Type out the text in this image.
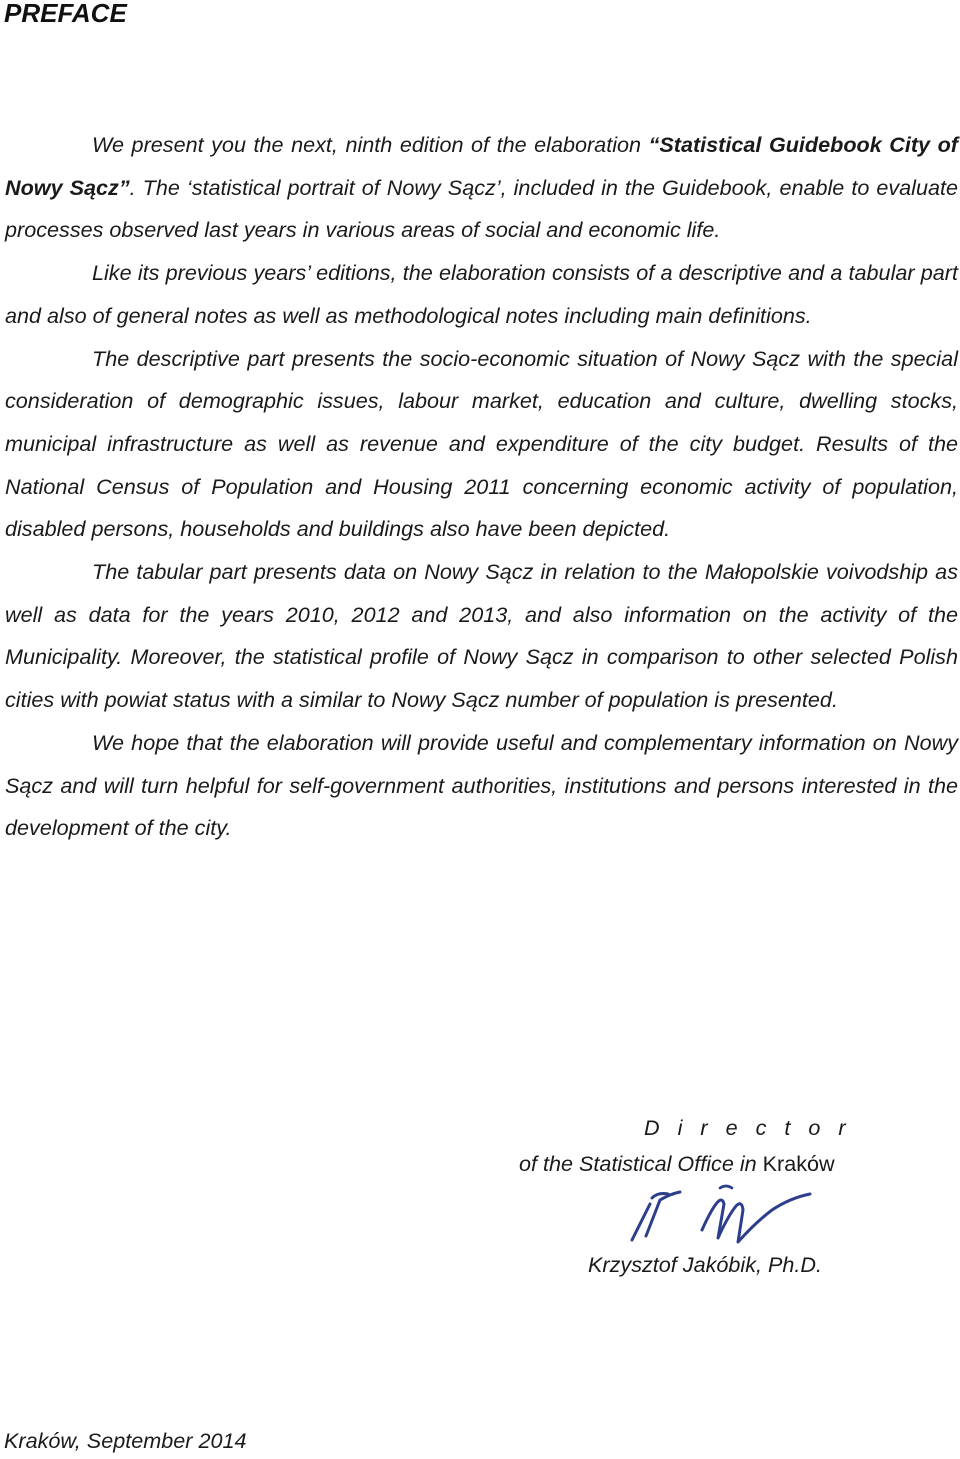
PREFACE

We present you the next, ninth edition of the elaboration “Statistical Guidebook City of Nowy Sącz”. The ‘statistical portrait of Nowy Sącz’, included in the Guidebook, enable to evaluate processes observed last years in various areas of social and economic life.

Like its previous years’ editions, the elaboration consists of a descriptive and a tabular part and also of general notes as well as methodological notes including main definitions.

The descriptive part presents the socio-economic situation of Nowy Sącz with the special consideration of demographic issues, labour market, education and culture, dwelling stocks, municipal infrastructure as well as revenue and expenditure of the city budget. Results of the National Census of Population and Housing 2011 concerning economic activity of population, disabled persons, households and buildings also have been depicted.

The tabular part presents data on Nowy Sącz in relation to the Małopolskie voivodship as well as data for the years 2010, 2012 and 2013, and also information on the activity of the Municipality. Moreover, the statistical profile of Nowy Sącz in comparison to other selected Polish cities with powiat status with a similar to Nowy Sącz number of population is presented.

We hope that the elaboration will provide useful and complementary information on Nowy Sącz and will turn helpful for self-government authorities, institutions and persons interested in the development of the city.

D i r e c t o r
of the Statistical Office in Kraków
Krzysztof Jakóbik, Ph.D.
Kraków, September 2014
